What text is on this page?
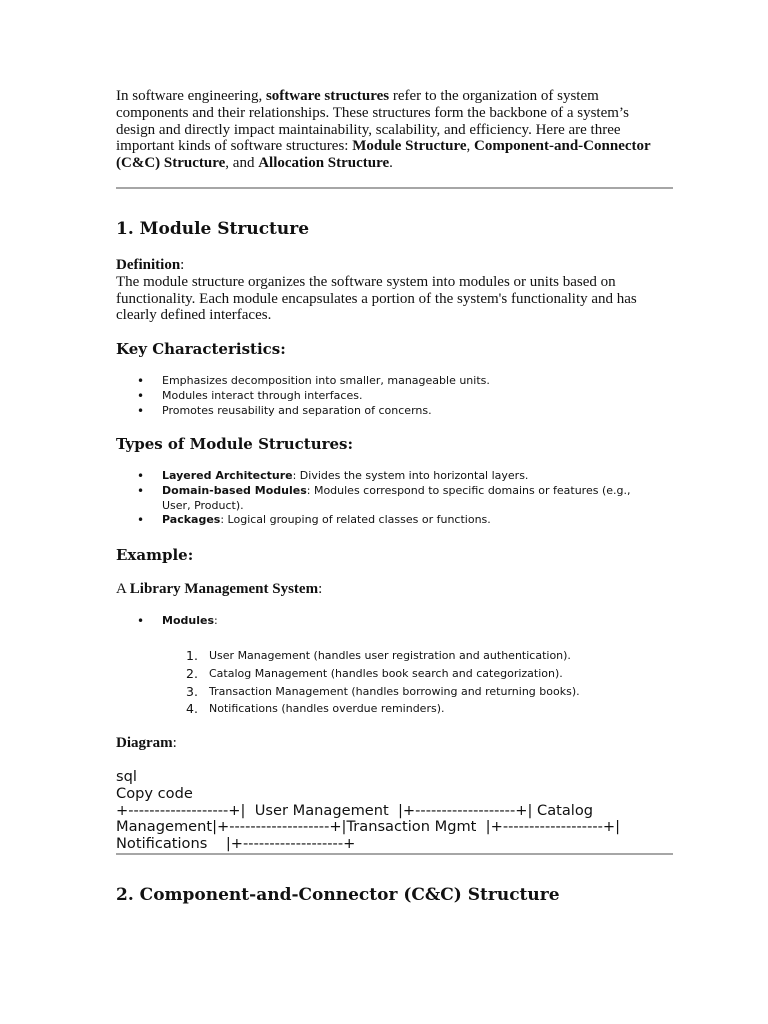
In software engineering, software structures refer to the organization of system components and their relationships. These structures form the backbone of a system’s design and directly impact maintainability, scalability, and efficiency. Here are three important kinds of software structures: Module Structure, Component-and-Connector (C&C) Structure, and Allocation Structure.
1. Module Structure
Definition:
The module structure organizes the software system into modules or units based on functionality. Each module encapsulates a portion of the system's functionality and has clearly defined interfaces.
Key Characteristics:
• Emphasizes decomposition into smaller, manageable units.
• Modules interact through interfaces.
• Promotes reusability and separation of concerns.
Types of Module Structures:
• Layered Architecture: Divides the system into horizontal layers.
• Domain-based Modules: Modules correspond to specific domains or features (e.g., User, Product).
• Packages: Logical grouping of related classes or functions.
Example:
A Library Management System:
• Modules:
1. User Management (handles user registration and authentication).
2. Catalog Management (handles book search and categorization).
3. Transaction Management (handles borrowing and returning books).
4. Notifications (handles overdue reminders).
Diagram:
sql
Copy code
+-------------------+|  User Management  |+-------------------+| Catalog
Management|+-------------------+|Transaction Mgmt  |+-------------------+|
Notifications    |+-------------------+
2. Component-and-Connector (C&C) Structure
